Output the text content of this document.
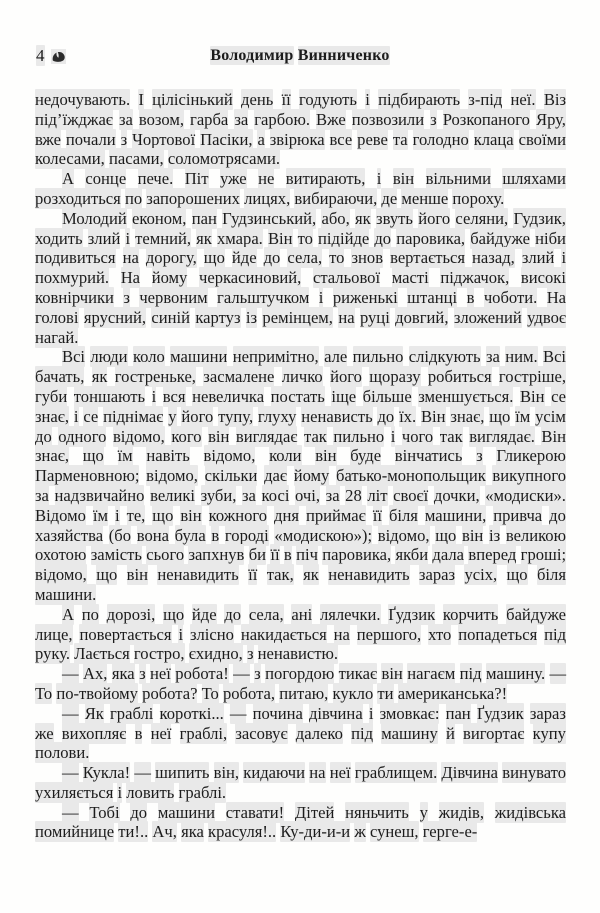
4	Володимир Винниченко

недочувають. І цілісінький день її годують і підбирають з-під неї. Віз під’їжджає за возом, гарба за гарбою. Вже позвозили з Розкопаного Яру, вже почали з Чортової Пасіки, а звірюка все реве та голодно клаца своїми колесами, пасами, соломотрясами.

А сонце пече. Піт уже не витирають, і він вільними шляхами розходиться по запорошених лицях, вибираючи, де менше пороху.

Молодий економ, пан Гудзинський, або, як звуть його селяни, Гудзик, ходить злий і темний, як хмара. Він то підійде до паровика, байдуже ніби подивиться на дорогу, що йде до села, то знов вертається назад, злий і похмурий. На йому черкасиновий, стальової масті піджачок, високі ковнірчики з червоним гальштучком і риженькі штанці в чоботи. На голові ярусний, синій картуз із ремінцем, на руці довгий, зложений удвоє нагай.

Всі люди коло машини непримітно, але пильно слідкують за ним. Всі бачать, як гостреньке, засмалене личко його щоразу робиться гостріше, губи тоншають і вся невеличка постать іще більше зменшується. Він се знає, і се піднімає у його тупу, глуху ненависть до їх. Він знає, що їм усім до одного відомо, кого він виглядає так пильно і чого так виглядає. Він знає, що їм навіть відомо, коли він буде вінчатись з Гликерою Парменовною; відомо, скільки дає йому батько-монопольщик викупного за надзвичайно великі зуби, за косі очі, за 28 літ своєї дочки, «модиски». Відомо їм і те, що він кожного дня приймає її біля машини, привча до хазяйства (бо вона була в городі «модискою»); відомо, що він із великою охотою замість сього запхнув би її в піч паровика, якби дала вперед гроші; відомо, що він ненавидить її так, як ненавидить зараз усіх, що біля машини.

А по дорозі, що йде до села, ані лялечки. Ґудзик корчить байдуже лице, повертається і злісно накидається на першого, хто попадеться під руку. Лається гостро, єхидно, з ненавистю.

— Ах, яка з неї робота! — з погордою тикає він нагаєм під машину. — То по-твойому робота? То робота, питаю, кукло ти американська?!

— Як граблі короткі... — почина дівчина і змовкає: пан Ґудзик зараз же вихопляє в неї граблі, засовує далеко під машину й вигортає купу полови.

— Кукла! — шипить він, кидаючи на неї граблищем. Дівчина винувато ухиляється і ловить граблі.

— Тобі до машини ставати! Дітей няньчить у жидів, жидівська помийнице ти!.. Ач, яка красуля!.. Ку-ди-и-и ж сунеш, герге-е-
